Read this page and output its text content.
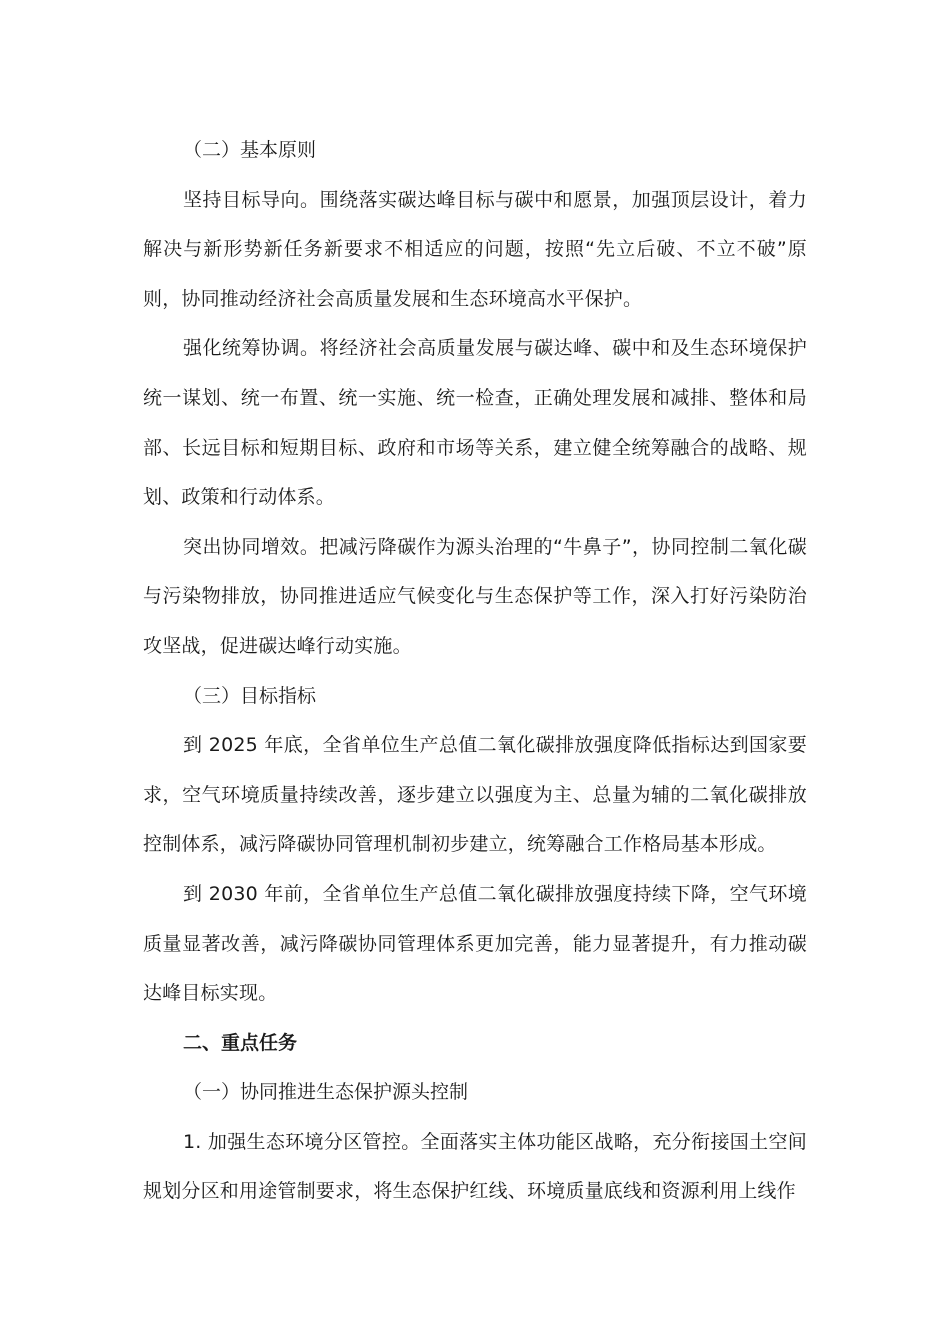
（二）基本原则

坚持目标导向。围绕落实碳达峰目标与碳中和愿景，加强顶层设计，着力解决与新形势新任务新要求不相适应的问题，按照“先立后破、不立不破”原则，协同推动经济社会高质量发展和生态环境高水平保护。

强化统筹协调。将经济社会高质量发展与碳达峰、碳中和及生态环境保护统一谋划、统一布置、统一实施、统一检查，正确处理发展和减排、整体和局部、长远目标和短期目标、政府和市场等关系，建立健全统筹融合的战略、规划、政策和行动体系。

突出协同增效。把减污降碳作为源头治理的“牛鼻子”，协同控制二氧化碳与污染物排放，协同推进适应气候变化与生态保护等工作，深入打好污染防治攻坚战，促进碳达峰行动实施。

（三）目标指标

到 2025 年底，全省单位生产总值二氧化碳排放强度降低指标达到国家要求，空气环境质量持续改善，逐步建立以强度为主、总量为辅的二氧化碳排放控制体系，减污降碳协同管理机制初步建立，统筹融合工作格局基本形成。

到 2030 年前，全省单位生产总值二氧化碳排放强度持续下降，空气环境质量显著改善，减污降碳协同管理体系更加完善，能力显著提升，有力推动碳达峰目标实现。

二、重点任务

（一）协同推进生态保护源头控制

1. 加强生态环境分区管控。全面落实主体功能区战略，充分衔接国土空间规划分区和用途管制要求，将生态保护红线、环境质量底线和资源利用上线作
